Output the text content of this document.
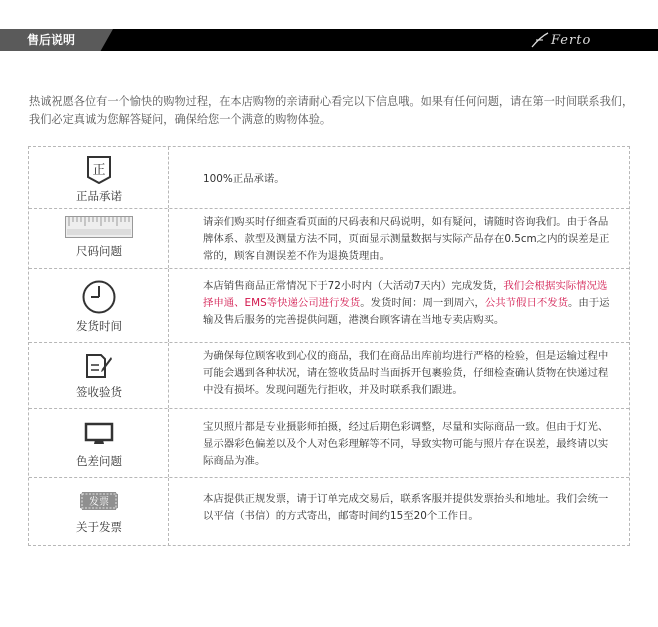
售后说明	Ferto
热诚祝愿各位有一个愉快的购物过程，在本店购物的亲请耐心看完以下信息哦。如果有任何问题，请在第一时间联系我们，我们必定真诚为您解答疑问，确保给您一个满意的购物体验。
正
正品承诺
100%正品承诺。
尺码问题
请亲们购买时仔细查看页面的尺码表和尺码说明，如有疑问，请随时咨询我们。由于各品牌体系、款型及测量方法不同，页面显示测量数据与实际产品存在0.5cm之内的误差是正常的，顾客自测误差不作为退换货理由。
发货时间
本店销售商品正常情况下于72小时内（大活动7天内）完成发货，我们会根据实际情况选择申通、EMS等快递公司进行发货。发货时间：周一到周六，公共节假日不发货。由于运输及售后服务的完善提供问题，港澳台顾客请在当地专卖店购买。
签收验货
为确保每位顾客收到心仪的商品，我们在商品出库前均进行严格的检验，但是运输过程中可能会遇到各种状况，请在签收货品时当面拆开包裹验货，仔细检查确认货物在快递过程中没有损坏。发现问题先行拒收，并及时联系我们跟进。
色差问题
宝贝照片都是专业摄影师拍摄，经过后期色彩调整，尽量和实际商品一致。但由于灯光、显示器彩色偏差以及个人对色彩理解等不同，导致实物可能与照片存在误差，最终请以实际商品为准。
发票
关于发票
本店提供正规发票，请于订单完成交易后，联系客服并提供发票抬头和地址。我们会统一以平信（书信）的方式寄出，邮寄时间约15至20个工作日。
